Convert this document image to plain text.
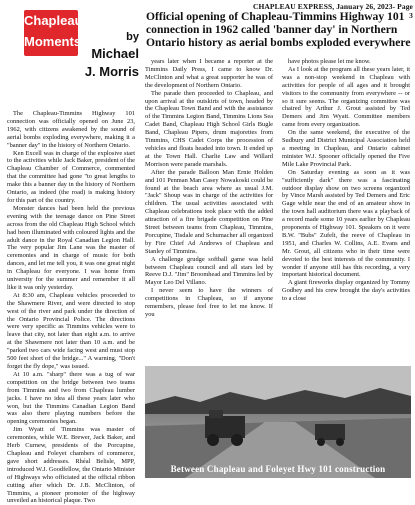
CHAPLEAU EXPRESS, January 26, 2023- Page 3
Chapleau
Moments	by
Michael J. Morris
Official opening of Chapleau-Timmins Highway 101 connection in 1962 called 'banner day' in Northern Ontario history as aerial bombs exploded everywhere

The Chapleau-Timmins Highway 101 connection was officially opened on June 23, 1962, with citizens awakened by the sound of aerial bombs exploding everywhere, making it a "banner day" in the history of Northern Ontario.

Ken Excell was in charge of the explosive start to the activities while Jack Baker, president of the Chapleau Chamber of Commerce, commented that the committee had gone "to great lengths to make this a banner day in the history of Northern Ontario, as indeed (the road) is making history for this part of the country.

Monster dances had been held the previous evening with the teenage dance on Pine Street across from the old Chapleau High School which had been illuminated with coloured lights and the adult dance in the Royal Canadian Legion Hall. The very popular Jim Lane was the master of ceremonies and in charge of music for both dances, and let me tell you, it was one great night in Chapleau for everyone. I was home from university for the summer and remember it all like it was only yesterday.

At 8:30 am, Chapleau vehicles proceeded to the Shawmere River, and were directed to stop west of the river and park under the direction of the Ontario Provincial Police. The directions were very specific as Timmins vehicles were to leave that city, not later than eight a.m. to arrive at the Shawmere not later than 10 a.m. and be "parked two cars wide facing west and must stop 500 feet short of the bridge..." A warning, "Don't forget the fly dope," was issued.

At 10 a.m. "sharp" there was a tug of war competition on the bridge between two teams from Timmins and two from Chapleau lumber jacks. I have no idea all these years later who won, but the Timmins Canadian Legion Band was also there playing numbers before the opening ceremonies began.

Jim Wyatt of Timmins was master of ceremonies, while W.E. Brewer, Jack Baker, and Herb Curnew, presidents of the Porcupine, Chapleau and Foleyet chambers of commerce, gave short addresses. Rhéal Belisle, MPP, introduced W.J. Goodfellow, the Ontario Minister of Highways who officiated at the official ribbon cutting after which Dr. J.B. McClinton, of Timmins, a pioneer promoter of the highway unveiled an historical plaque. Two

years later when I became a reporter at the Timmins Daily Press, I came to know Dr. McClinton and what a great supporter he was of the development of Northern Ontario.

The parade then proceeded to Chapleau, and upon arrival at the outskirts of town, headed by the Chapleau Town Band and with the assistance of the Timmins Legion Band, Timmins Lions Sea Cadet Band, Chapleau High School Girls Bugle Band, Chapleau Pipers, drum majorettes from Timmins, CHS Cadet Corps the procession of vehicles and floats headed into town. It ended up at the Town Hall. Charlie Law and Willard Morrison were parade marshals.

After the parade Balloon Man Ernie Holden and 101 Penman Man Casey Nowakoski could be found at the beach area where as usual J.M. "Jack" Shoup was in charge of the activities for children. The usual activities associated with Chapleau celebrations took place with the added attraction of a fire brigade competition on Pine Street between teams from Chapleau, Timmins, Porcupine, Tisdale and Schumacher all organized by Fire Chief Ad Andrews of Chapleau and Stanley of Timmins.

A challenge grudge softball game was held between Chapleau council and all stars led by Reeve D.J. "Jim" Broomhead and Timmins led by Mayor Leo Del Villano.

I never seem to have the winners of competitions in Chapleau, so if anyone remembers, please feel free to let me know. If you

have photos please let me know.

As I look at the program all these years later, it was a non-stop weekend in Chapleau with activities for people of all ages and it brought visitors to the community from everywhere -- or so it sure seems. The organizing committee was chaired by Arthur J. Grout assisted by Ted Demers and Jim Wyatt. Committee members came from every organization.

On the same weekend, the executive of the Sudbury and District Municipal Association held a meeting in Chapleau, and Ontario cabinet minister W.J. Spooner officially opened the Five Mile Lake Provincial Park.

On Saturday evening as soon as it was "sufficiently dark" there was a fascinating outdoor display show on two screens organized by Vince Marsh assisted by Ted Demers and Eric Gage while near the end of an amateur show in the town hall auditorium there was a playback of a record made some 10 years earlier by Chapleau proponents of Highway 101. Speakers on it were B.W. "Bubs" Zufelt, the reeve of Chapleau in 1951, and Charles W. Collins, A.E. Evans and Mr. Grout, all citizens who in their time were devoted to the best interests of the community. I wonder if anyone still has this recording, a very important historical document.

A giant fireworks display organized by Tommy Godbey and his crew brought the day's activities to a close

Between Chapleau and Foleyet Hwy 101 construction
